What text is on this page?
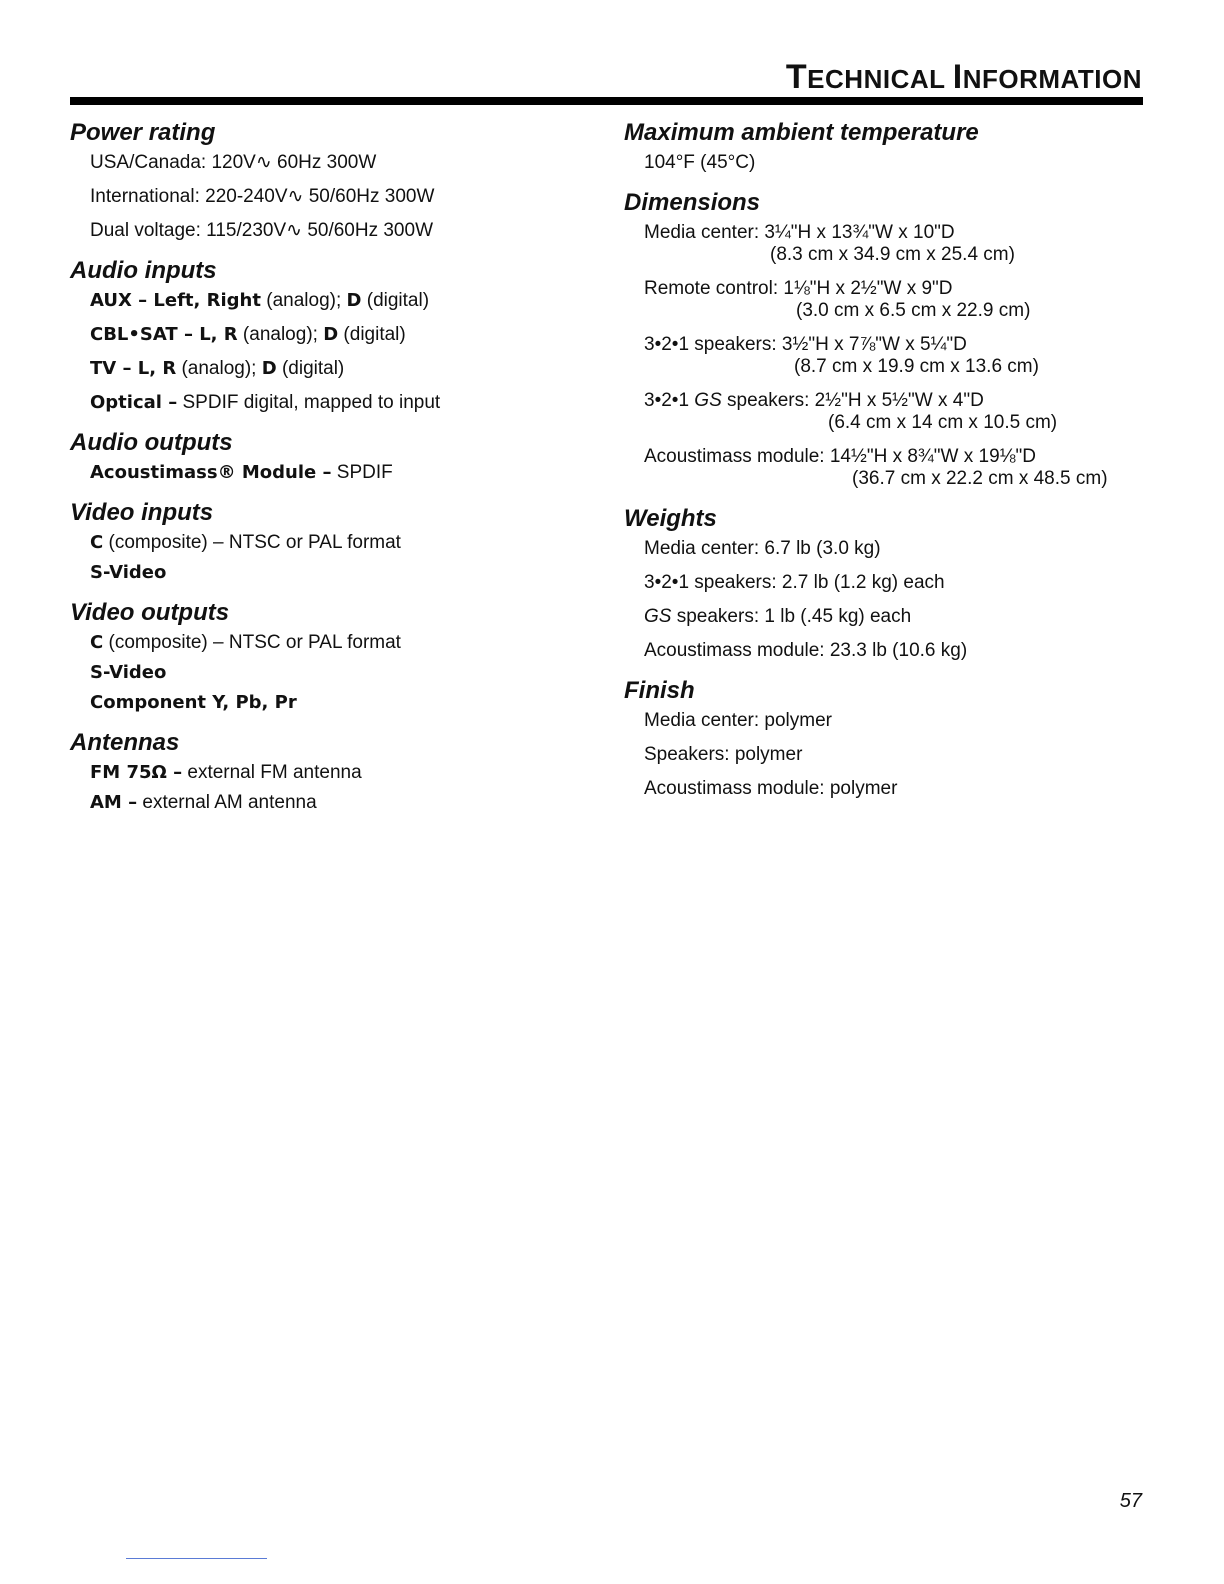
TECHNICAL INFORMATION
Power rating
USA/Canada: 120V∿ 60Hz 300W
International: 220-240V∿ 50/60Hz 300W
Dual voltage: 115/230V∿ 50/60Hz 300W
Audio inputs
AUX – Left, Right (analog); D (digital)
CBL•SAT – L, R (analog); D (digital)
TV – L, R (analog); D (digital)
Optical – SPDIF digital, mapped to input
Audio outputs
Acoustimass® Module – SPDIF
Video inputs
C (composite) – NTSC or PAL format
S-Video
Video outputs
C (composite) – NTSC or PAL format
S-Video
Component Y, Pb, Pr
Antennas
FM 75Ω – external FM antenna
AM – external AM antenna
Maximum ambient temperature
104°F (45°C)
Dimensions
Media center: 3¼"H x 13¾"W x 10"D
(8.3 cm x 34.9 cm x 25.4 cm)
Remote control: 1⅛"H x 2½"W x 9"D
(3.0 cm x 6.5 cm x 22.9 cm)
3•2•1 speakers: 3½"H x 7⅞"W x 5¼"D
(8.7 cm x 19.9 cm x 13.6 cm)
3•2•1 GS speakers: 2½"H x 5½"W x 4"D
(6.4 cm x 14 cm x 10.5 cm)
Acoustimass module: 14½"H x 8¾"W x 19⅛"D
(36.7 cm x 22.2 cm x 48.5 cm)
Weights
Media center: 6.7 lb (3.0 kg)
3•2•1 speakers: 2.7 lb (1.2 kg) each
GS speakers: 1 lb (.45 kg) each
Acoustimass module: 23.3 lb (10.6 kg)
Finish
Media center: polymer
Speakers: polymer
Acoustimass module: polymer
57
